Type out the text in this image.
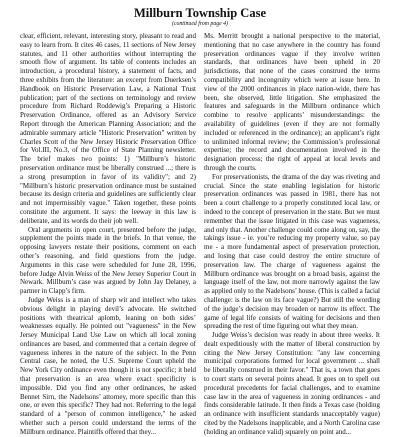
Millburn Township Case
(continued from page 4)

clear, efficient, relevant, interesting story, pleasant to read and easy to learn from. It cites 46 cases, 11 sections of New Jersey statutes, and 11 other authorities without interrupting the smooth flow of argument. Its table of contents includes an introduction, a procedural history, a statement of facts, and three exhibits from the literature: an excerpt from Duerksen’s Handbook on Historic Preservation Law, a National Trust publication; part of the sections on terminology and review procedure from Richard Roddewig’s Preparing a Historic Preservation Ordinance, offered as an Advisory Service Report through the American Planning Association; and the admirable summary article "Historic Preservation" written by Charles Scott of the New Jersey Historic Preservation Office for Vol.III, No.3, of the Office of State Planning newsletter. The brief makes two points: 1) "Millburn’s historic preservation ordinance must be liberally construed ...; there is a strong presumption in favor of its validity"; and 2) "Millburn’s historic preservation ordinance must be sustained because its design criteria and guidelines are sufficiently clear and not impermissibly vague." Taken together, these points constitute the argument. It says: the leeway in this law is deliberate, and its words do their job well.

Oral arguments in open court, presented before the judge, supplement the points made in the briefs. In that venue, the opposing lawyers restate their positions, comment on each other’s reasoning, and field questions from the judge. Arguments in this case were scheduled for June 28, 1996, before Judge Alvin Weiss of the New Jersey Superior Court in Newark. Millburn’s case was argued by John Jay Delaney, a partner in Clapp’s firm.

Judge Weiss is a man of sharp wit and intellect who takes obvious delight in playing devil’s advocate. He switched positions with theatrical aplomb, leaning on both sides’ weaknesses equally. He pointed out "vagueness" in the New Jersey Municipal Land Use Law on which all local zoning ordinances are based, and commented that a certain degree of vagueness inheres in the nature of the subject. In the Penn Central case, he noted, the U.S. Supreme Court upheld the New York City ordinance even though it is not specific; it held that preservation is an area where exact specificity is impossible. Did you find any other ordinances, he asked Bennet Sirn, the Nadelsons’ attorney, more specific than this one, or even this specific? They had not. Referring to the legal standard of a "person of common intelligence," he asked whether such a person could understand the terms of the Millburn ordinance. Plaintiffs offered that they...

Ms. Merritt brought a national perspective to the material, mentioning that no case anywhere in the country has found preservation ordinances vague if they involve written standards, that ordinances have been upheld in 20 jurisdictions, that none of the cases construed the terms compatibility and incongruity which were at issue here. In view of the 2000 ordinances in place nation-wide, there has been, she observed, little litigation. She emphasized the features and safeguards in the Millburn ordinance which combine to resolve applicants’ misunderstandings: the availability of guidelines (even if they are not formally included or referenced in the ordinance); an applicant’s right to unlimited informal review; the Commission’s professional expertise; the record and documentation involved in the designation process; the right of appeal at local levels and through the courts.

For preservationists, the drama of the day was riveting and crucial. Since the state enabling legislation for historic preservation ordinances was passed in 1981, there has not been a court challenge to a properly constituted local law, or indeed to the concept of preservation in the state. But we must remember that the issue litigated in this case was vagueness, and only that. Another challenge could come along on, say, the takings issue - ie. you’re reducing my property value, so pay me - a more fundamental aspect of preservation protection, and losing that case could destroy the entire structure of preservation law. The charge of vagueness against the Millburn ordinance was brought on a broad basis, against the language itself of the law, not more narrowly against the law as applied only to the Nadelsons’ house. (This is called a facial challenge: is the law on its face vague?) But still the wording of the judge’s decision may broaden or narrow its effect. The game of legal life consists of waiting for decisions and then spreading the rest of time figuring out what they mean.

Judge Weiss’s decision was ready in about three weeks. It dealt expeditiously with the matter of liberal construction by citing the New Jersey Constitution: "any law concerning municipal corporations formed for local government ... shall be liberally construed in their favor." That is, a town that goes to court starts on several points ahead. It goes on to spell out procedural precedents for facial challenges, and to examine case law in the area of vagueness in zoning ordinances - and finds considerable latitude. It then finds a Texas case (holding an ordinance with insufficient standards unacceptably vague) cited by the Nadelsons inapplicable, and a North Carolina case (holding an ordinance valid) squarely on point and...
